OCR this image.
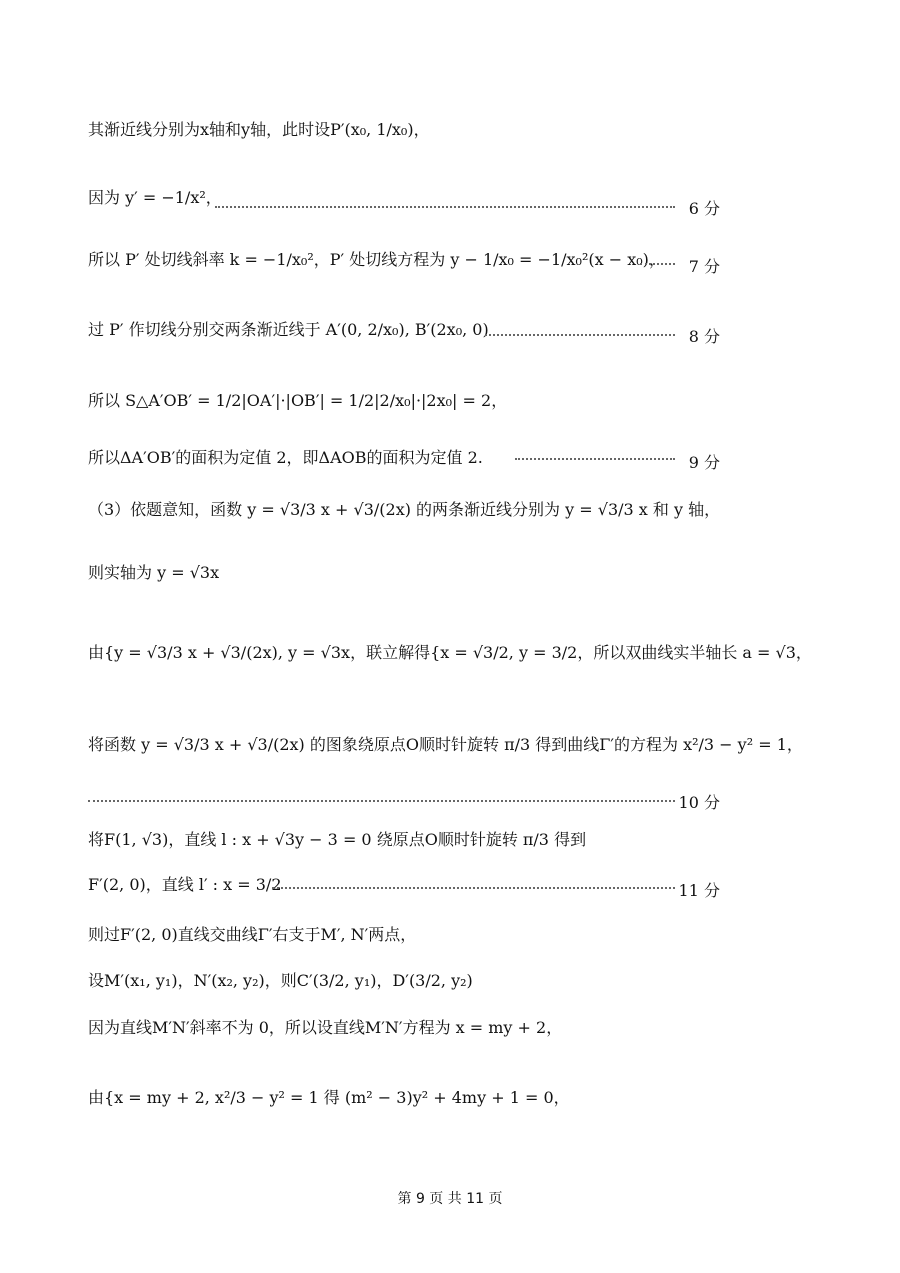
其渐近线分别为x轴和y轴，此时设P′(x₀, 1/x₀)，
因为 y′ = −1/x²，
6 分
所以 P′ 处切线斜率 k = −1/x₀²，P′ 处切线方程为 y − 1/x₀ = −1/x₀²(x − x₀)，	7 分
过 P′ 作切线分别交两条渐近线于 A′(0, 2/x₀), B′(2x₀, 0)	8 分
所以 S△A′OB′ = 1/2|OA′|·|OB′| = 1/2|2/x₀|·|2x₀| = 2，
所以ΔA′OB′的面积为定值 2，即ΔAOB的面积为定值 2.	9 分
（3）依题意知，函数 y = √3/3 x + √3/(2x) 的两条渐近线分别为 y = √3/3 x 和 y 轴，
则实轴为 y = √3x
由{y = √3/3 x + √3/(2x), y = √3x，联立解得{x = √3/2, y = 3/2，所以双曲线实半轴长 a = √3，
将函数 y = √3/3 x + √3/(2x) 的图象绕原点O顺时针旋转 π/3 得到曲线Γ′的方程为 x²/3 − y² = 1，
10 分
将F(1, √3)，直线 l : x + √3y − 3 = 0 绕原点O顺时针旋转 π/3 得到
F′(2, 0)，直线 l′ : x = 3/2	11 分
则过F′(2, 0)直线交曲线Γ′右支于M′, N′两点，
设M′(x₁, y₁)，N′(x₂, y₂)，则C′(3/2, y₁)，D′(3/2, y₂)
因为直线M′N′斜率不为 0，所以设直线M′N′方程为 x = my + 2，
由{x = my + 2, x²/3 − y² = 1 得 (m² − 3)y² + 4my + 1 = 0，
第 9 页 共 11 页
